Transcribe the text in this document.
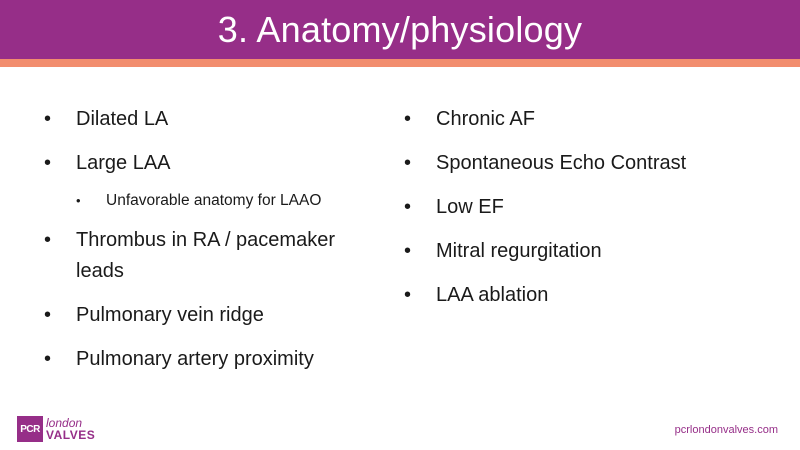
3. Anatomy/physiology
• Dilated LA
• Large LAA
• Unfavorable anatomy for LAAO
• Thrombus in RA / pacemaker leads
• Pulmonary vein ridge
• Pulmonary artery proximity
• Chronic AF
• Spontaneous Echo Contrast
• Low EF
• Mitral regurgitation
• LAA ablation
PCR london
VALVES	pcrlondonvalves.com
